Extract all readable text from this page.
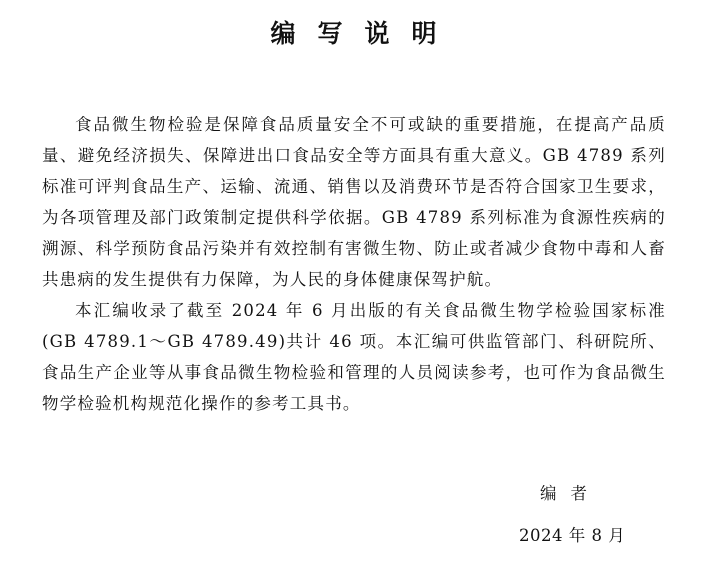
编写说明

食品微生物检验是保障食品质量安全不可或缺的重要措施，在提高产品质量、避免经济损失、保障进出口食品安全等方面具有重大意义。GB 4789 系列标准可评判食品生产、运输、流通、销售以及消费环节是否符合国家卫生要求，为各项管理及部门政策制定提供科学依据。GB 4789 系列标准为食源性疾病的溯源、科学预防食品污染并有效控制有害微生物、防止或者减少食物中毒和人畜共患病的发生提供有力保障，为人民的身体健康保驾护航。

本汇编收录了截至 2024 年 6 月出版的有关食品微生物学检验国家标准(GB 4789.1～GB 4789.49)共计 46 项。本汇编可供监管部门、科研院所、食品生产企业等从事食品微生物检验和管理的人员阅读参考，也可作为食品微生物学检验机构规范化操作的参考工具书。

编者
2024 年 8 月
